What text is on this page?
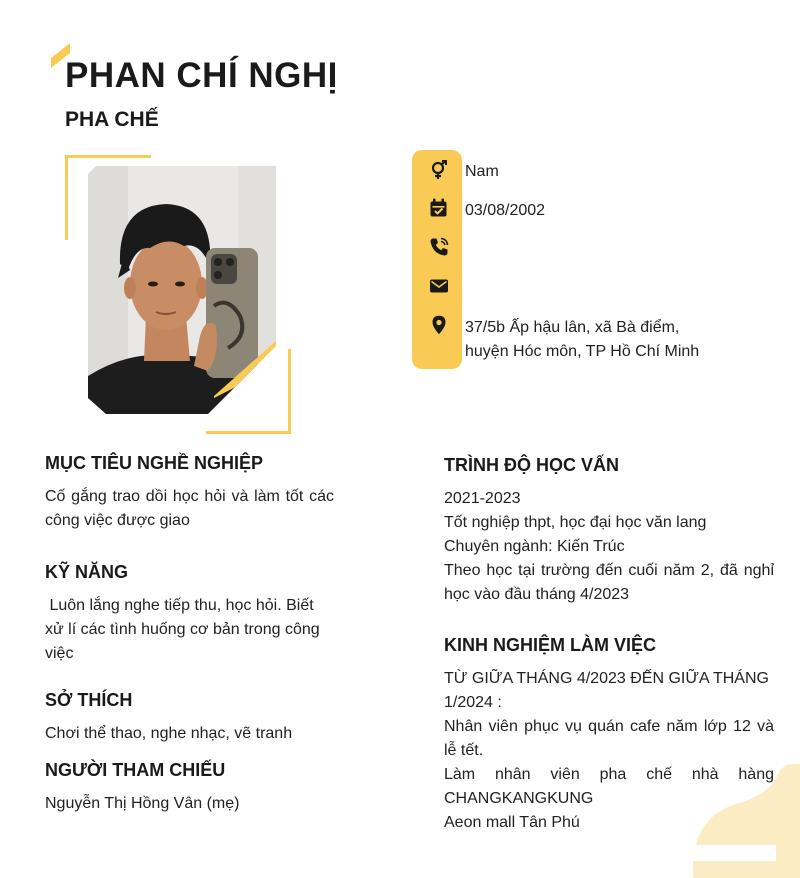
PHAN CHÍ NGHỊ
PHA CHẾ
Nam
03/08/2002
37/5b Ấp hậu lân, xã Bà điểm,
huyện Hóc môn, TP Hồ Chí Minh
MỤC TIÊU NGHỀ NGHIỆP

Cố gắng trao dồi học hỏi và làm tốt các công việc được giao

KỸ NĂNG

Luôn lắng nghe tiếp thu, học hỏi. Biết xử lí các tình huống cơ bản trong công việc

SỞ THÍCH

Chơi thể thao, nghe nhạc, vẽ tranh

NGƯỜI THAM CHIẾU

Nguyễn Thị Hồng Vân (mẹ)

TRÌNH ĐỘ HỌC VẤN

2021-2023

Tốt nghiệp thpt, học đại học văn lang

Chuyên ngành: Kiến Trúc

Theo học tại trường đến cuối năm 2, đã nghỉ học vào đầu tháng 4/2023

KINH NGHIỆM LÀM VIỆC

TỪ GIỮA THÁNG 4/2023 ĐẾN GIỮA THÁNG 1/2024 :

Nhân viên phục vụ quán cafe năm lớp 12 và lễ tết.

Làm nhân viên pha chế nhà hàng CHANGKANGKUNG

Aeon mall Tân Phú
